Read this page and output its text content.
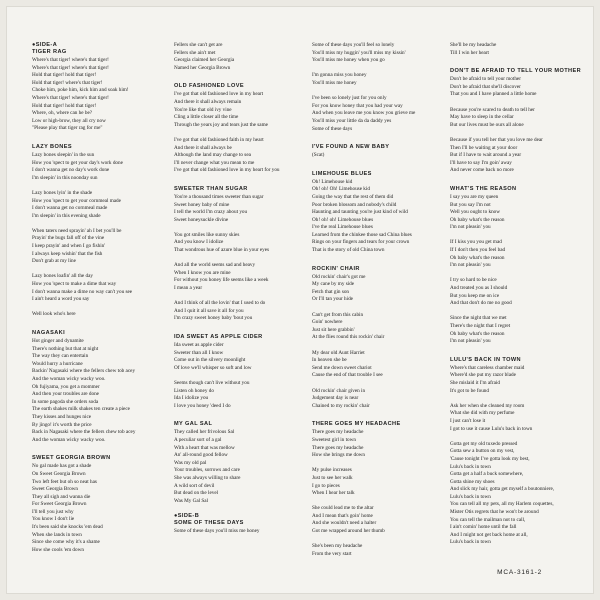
●SIDE-A
TIGER RAG
Where's that tiger! where's that tiger!
Where's that tiger! where's that tiger!
Hold that tiger! hold that tiger!
Hold that tiger! where's that tiger!
Choke him, poke him, kick him and soak him!
Where's that tiger! where's that tiger!
Hold that tiger! hold that tiger!
Where, oh, where can he be?
Low or high-brow, they all cry now
"Please play that tiger rag for me"
LAZY BONES
Lazy bones sleepin' in the sun
How you 'spect to get your day's work done
I don't wanna get no day's work done
I'm sleepin' in this noonday sun
Lazy bones lyin' in the shade
How you 'spect to get your cornmeal made
I don't wanna get no cornmeal made
I'm sleepin' in this evening shade
When taters need sprayin' ah I bet you'll be
Prayin' the bugs fall off of the vine
I keep prayin' and when I go fishin'
I always keep wishin' that the fish
Don't grab at my line
Lazy bones loafin' all the day
How you 'spect to make a dime that way
I don't wanna make a dime no way can't you see
I ain't heard a word you say
Well look who's here
NAGASAKI
Hot ginger and dynamite
There's nothing but that at night
The way they can entertain
Would hurry a hurricane
Backin' Nagasaki where the fellers chew tob acey
And the woman wicky wacky woo.
Oh fujiyama, you get a mommer
And then your troubles are done
In some pagoda she orders soda
The earth shakes milk shakes ten create a piece
They kisses and hunges nice
By jingo! it's worth the price
Back in Nagasaki where the fellers chew tob acey
And the woman wicky wacky woo.
SWEET GEORGIA BROWN
No gal made has got a shade
On Sweet Georgia Brown
Two left feet but oh so neat has
Sweet Georgia Brown
They all sigh and wanna die
For Sweet Georgia Brown
I'll tell you just why
You know I don't lie
It's been said she knocks 'em dead
When she lands in town
Since she come why it's a shame
How she cools 'em down
Fellers she can't get are
Fellers she ain't met
Georgia claimed her Georgia
Named her Georgia Brown
OLD FASHIONED LOVE
I've got that old fashioned love in my heart
And there it shall always remain
You're like that old ivy vine
Cling a little closer all the time
Through the years joy and tears just the same
I've got that old fashioned faith in my heart
And there it shall always be
Although the land may change to sea
I'll never change what you mean to me
I've got that old fashioned love in my heart for you
SWEETER THAN SUGAR
You're a thousand times sweeter than sugar
Sweet honey baby of mine
I tell the world I'm crazy about you
Sweet honeysuckle divine
You got smiles like sunny skies
And you know I idolize
That wondrous hue of azure blue in your eyes
And all the world seems sad and heavy
When I know you are mine
For without you honey life seems like a week
I mean a year
And I think of all the lovin' that I used to do
And I quit it all save it all for you
I'm crazy sweet honey baby 'bout you
IDA SWEET AS APPLE CIDER
Ida sweet as apple cider
Sweeter than all I know
Come out in the silvery moonlight
Of love we'll whisper so soft and low
Seems though can't live without you
Listen oh honey do
Ida I idolize you
I love you honey 'deed I do
MY GAL SAL
They called her frivolous Sal
A peculiar sort of a gal
With a heart that was mellow
An' all-round good fellow
Was my old pal
Your troubles, sorrows and care
She was always willing to share
A wild sort of devil
But dead on the level
Was My Gal Sal
●SIDE-B
SOME OF THESE DAYS
Some of these days you'll miss me honey
Some of these days you'll feel so lonely
You'll miss my huggin' you'll miss my kissin'
You'll miss me honey when you go
I'm gonna miss you honey
You'll miss me honey
I've been so lonely just for you only
For you know honey that you had your way
And when you leave me you know you grieve me
You'll miss your little da da daddy yes
Some of these days
I'VE FOUND A NEW BABY
(Scat)
LIMEHOUSE BLUES
Oh! Limehouse kid
Oh! oh! Oh! Limehouse kid
Going the way that the rest of them did
Poor broken blossom and nobody's child
Haunting and taunting you're just kind of wild
Oh! oh! oh! Limehouse blues
I've the real Limehouse blues
Learned from the chinkee those sad China blues
Rings on your fingers and tears for your crown
That is the story of old China town
ROCKIN' CHAIR
Old rockin' chair's got me
My cane by my side
Fetch that gin son
Or I'll tan your hide
Can't get from this cabin
Goin' nowhere
Just sit here grabbin'
At the flies round this rockin' chair
My dear old Aunt Harriet
In heaven she be
Send me down sweet chariot
Cause the end of that trouble I see
Old rockin' chair given in
Judgement day is near
Chained to my rockin' chair
THERE GOES MY HEADACHE
There goes my headache
Sweetest girl in town
There goes my headache
How she brings me down
My pulse increases
Just to see her walk
I go to pieces
When I hear her talk
She could lead me to the altar
And I mean that's goin' home
And she wouldn't need a halter
Got me wrapped around her thumb
She's been my headache
From the very start
She'll be my headache
Till I win her heart
DON'T BE AFRAID TO TELL YOUR MOTHER
Don't be afraid to tell your mother
Don't be afraid that she'll discover
That you and I have planned a little home
Because you're scared to death to tell her
May have to sleep in the cellar
But our lives must be ours all alone
Because if you tell her that you love me dear
Then I'll be waiting at your door
But if I have to wait around a year
I'll have to say I'm goin' away
And never come back no more
WHAT'S THE REASON
I say you are my queen
But you say I'm not
Well you ought to know
Oh baby what's the reason
I'm not pleasin' you
If I kiss you you get mad
If I don't then you feel bad
Oh baby what's the reason
I'm not pleasin' you
I try so hard to be nice
And treated you as I should
But you keep me on ice
And that don't do me no good
Since the night that we met
There's the night that I regret
Oh baby what's the reason
I'm not pleasin' you
LULU'S BACK IN TOWN
Where's that careless chamber maid
Where'd she put my razor blade
She mislaid it I'm afraid
It's got to be found
Ask her when she cleaned my room
What she did with my perfume
I just can't lose it
I got to use it cause Lulu's back in town
Gotta get my old tuxedo pressed
Gotta sew a button on my vest,
'Cause tonight I've gotta look my best,
Lulu's back in town
Gotta get a half a buck somewhere,
Gotta shine my shoes
And slick my hair, gotta get myself a boutonniere,
Lulu's back in town
You can tell all my pets, all my Harlem coquettes,
Mister Otis regrets that he won't be around
You can tell the mailman not to call,
I ain't comin' home until the fall
And I might not get back home at all,
Lulu's back in town
MCA-3161-2
